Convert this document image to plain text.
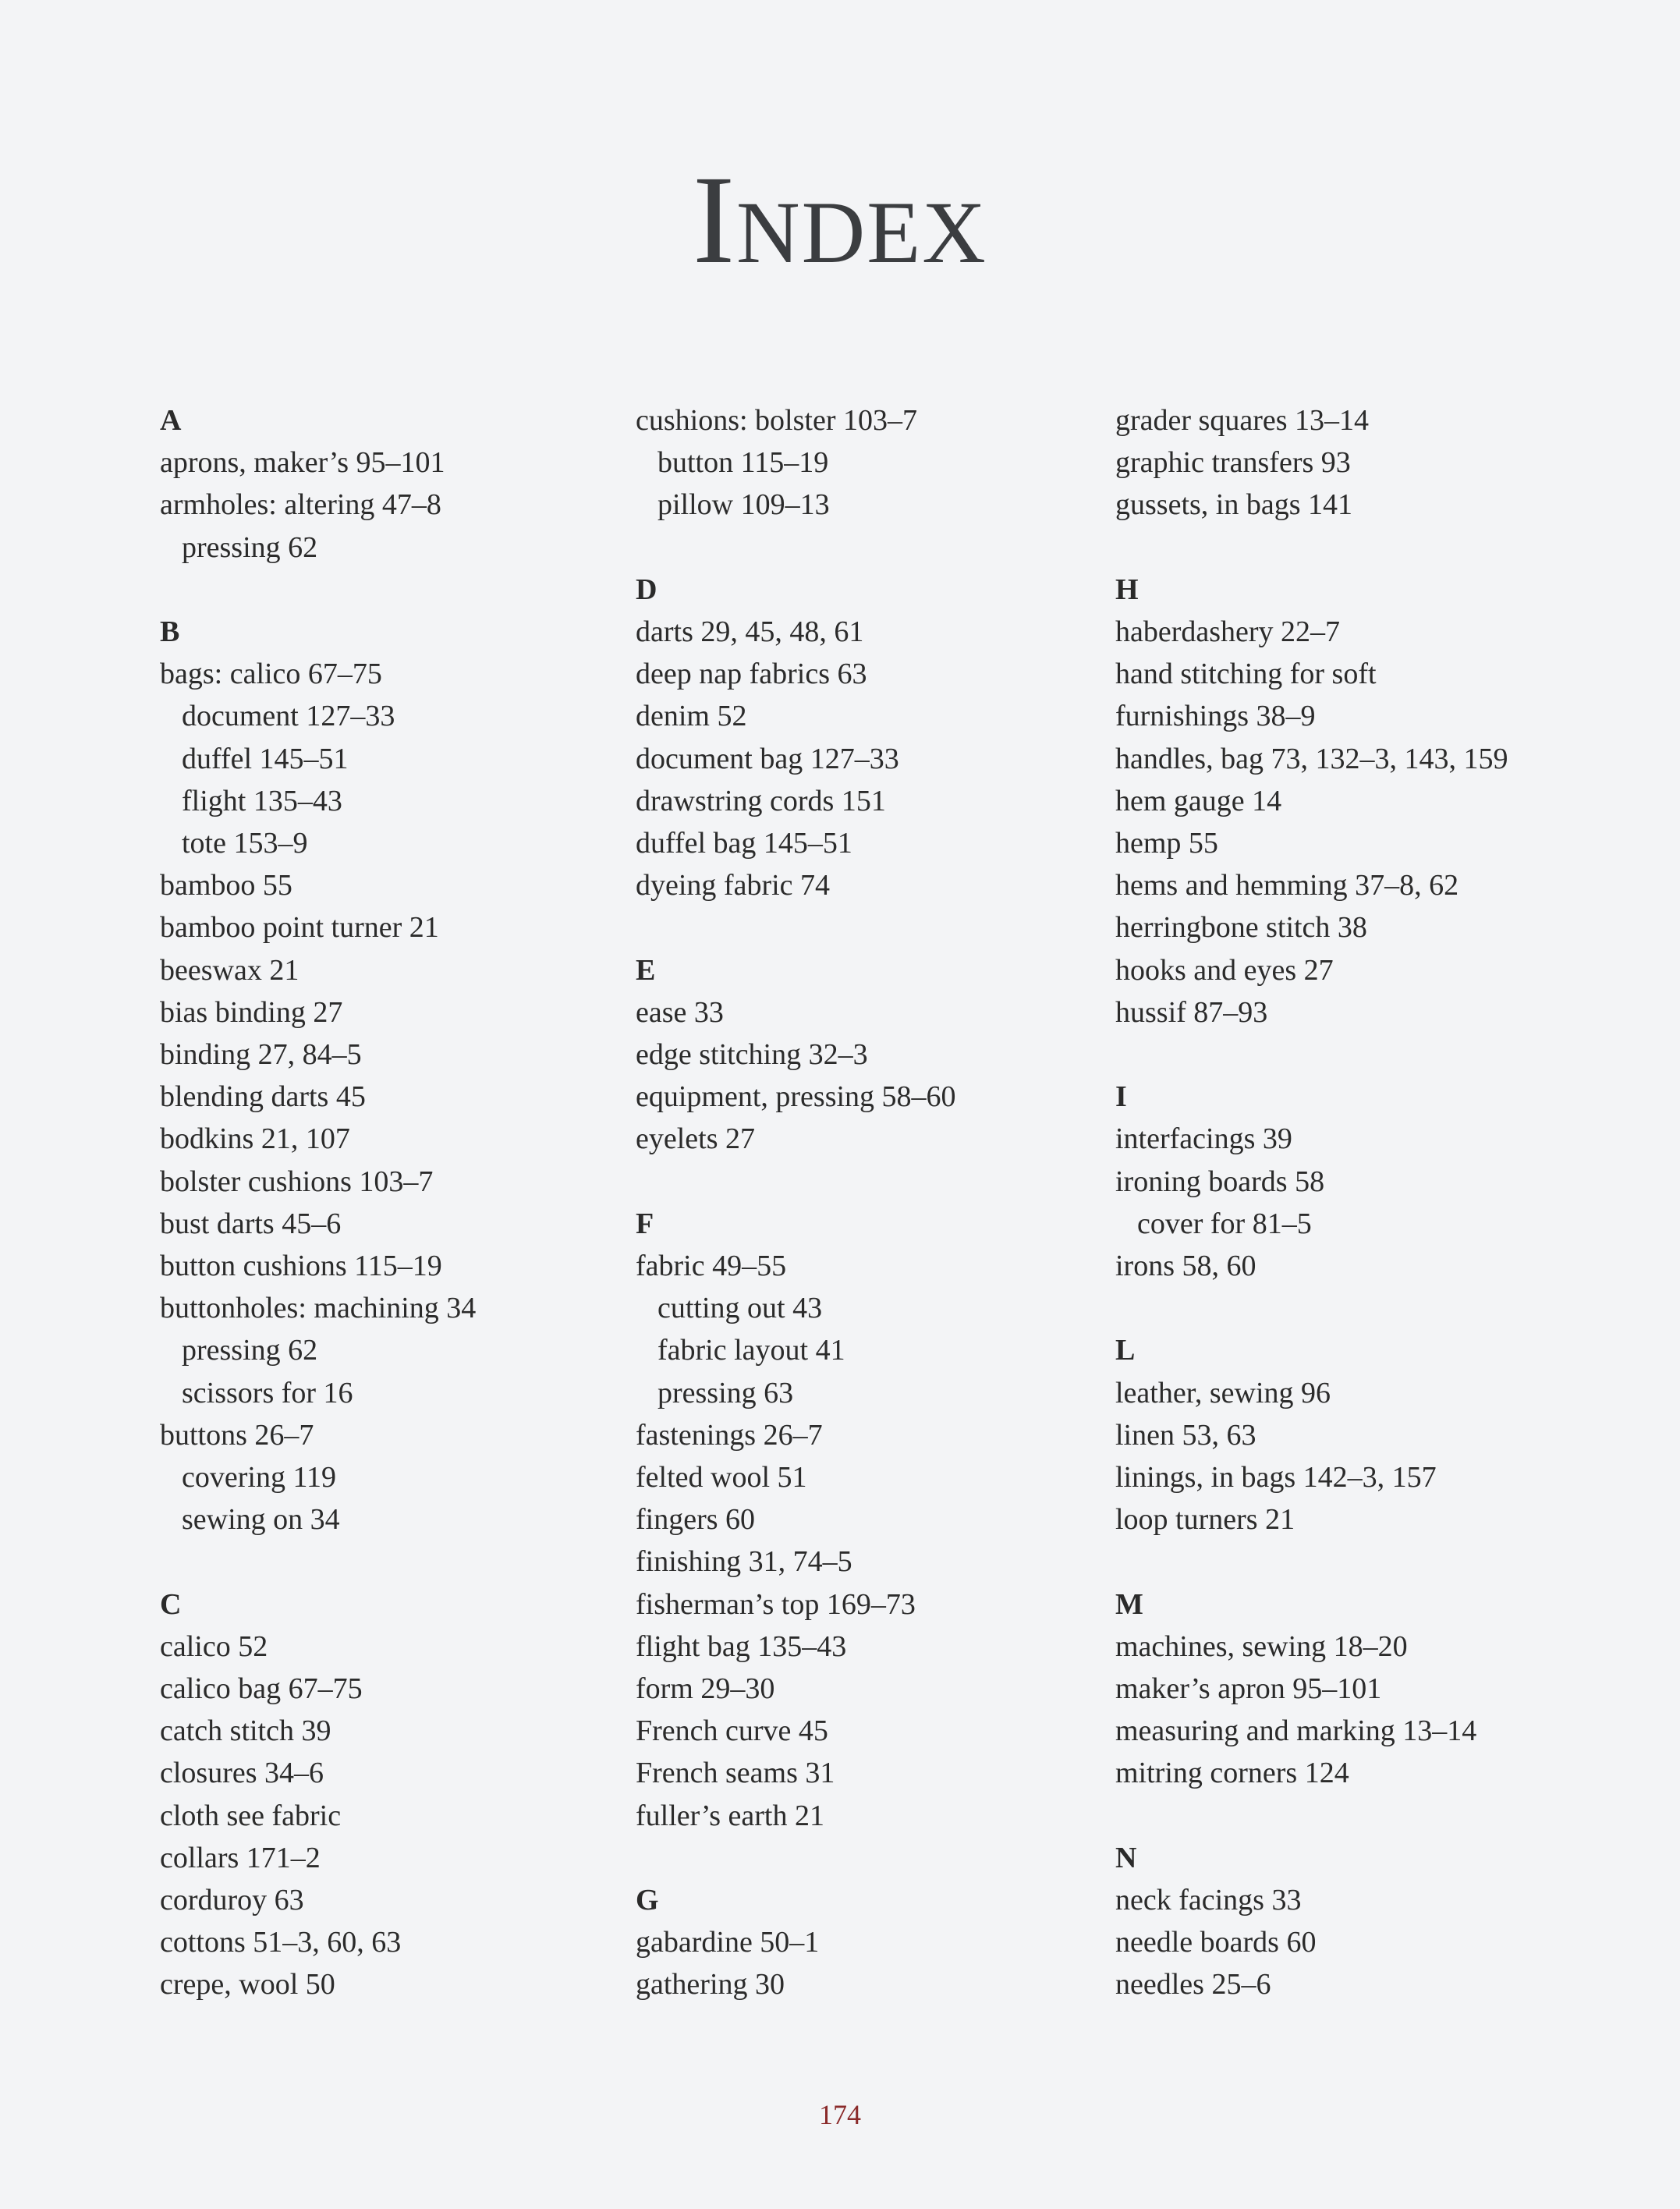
Index
A
aprons, maker’s 95–101
armholes: altering 47–8
pressing 62
B
bags: calico 67–75
document 127–33
duffel 145–51
flight 135–43
tote 153–9
bamboo 55
bamboo point turner 21
beeswax 21
bias binding 27
binding 27, 84–5
blending darts 45
bodkins 21, 107
bolster cushions 103–7
bust darts 45–6
button cushions 115–19
buttonholes: machining 34
pressing 62
scissors for 16
buttons 26–7
covering 119
sewing on 34
C
calico 52
calico bag 67–75
catch stitch 39
closures 34–6
cloth see fabric
collars 171–2
corduroy 63
cottons 51–3, 60, 63
crepe, wool 50
cushions: bolster 103–7
button 115–19
pillow 109–13
D
darts 29, 45, 48, 61
deep nap fabrics 63
denim 52
document bag 127–33
drawstring cords 151
duffel bag 145–51
dyeing fabric 74
E
ease 33
edge stitching 32–3
equipment, pressing 58–60
eyelets 27
F
fabric 49–55
cutting out 43
fabric layout 41
pressing 63
fastenings 26–7
felted wool 51
fingers 60
finishing 31, 74–5
fisherman’s top 169–73
flight bag 135–43
form 29–30
French curve 45
French seams 31
fuller’s earth 21
G
gabardine 50–1
gathering 30
grader squares 13–14
graphic transfers 93
gussets, in bags 141
H
haberdashery 22–7
hand stitching for soft
furnishings 38–9
handles, bag 73, 132–3, 143, 159
hem gauge 14
hemp 55
hems and hemming 37–8, 62
herringbone stitch 38
hooks and eyes 27
hussif 87–93
I
interfacings 39
ironing boards 58
cover for 81–5
irons 58, 60
L
leather, sewing 96
linen 53, 63
linings, in bags 142–3, 157
loop turners 21
M
machines, sewing 18–20
maker’s apron 95–101
measuring and marking 13–14
mitring corners 124
N
neck facings 33
needle boards 60
needles 25–6
174
